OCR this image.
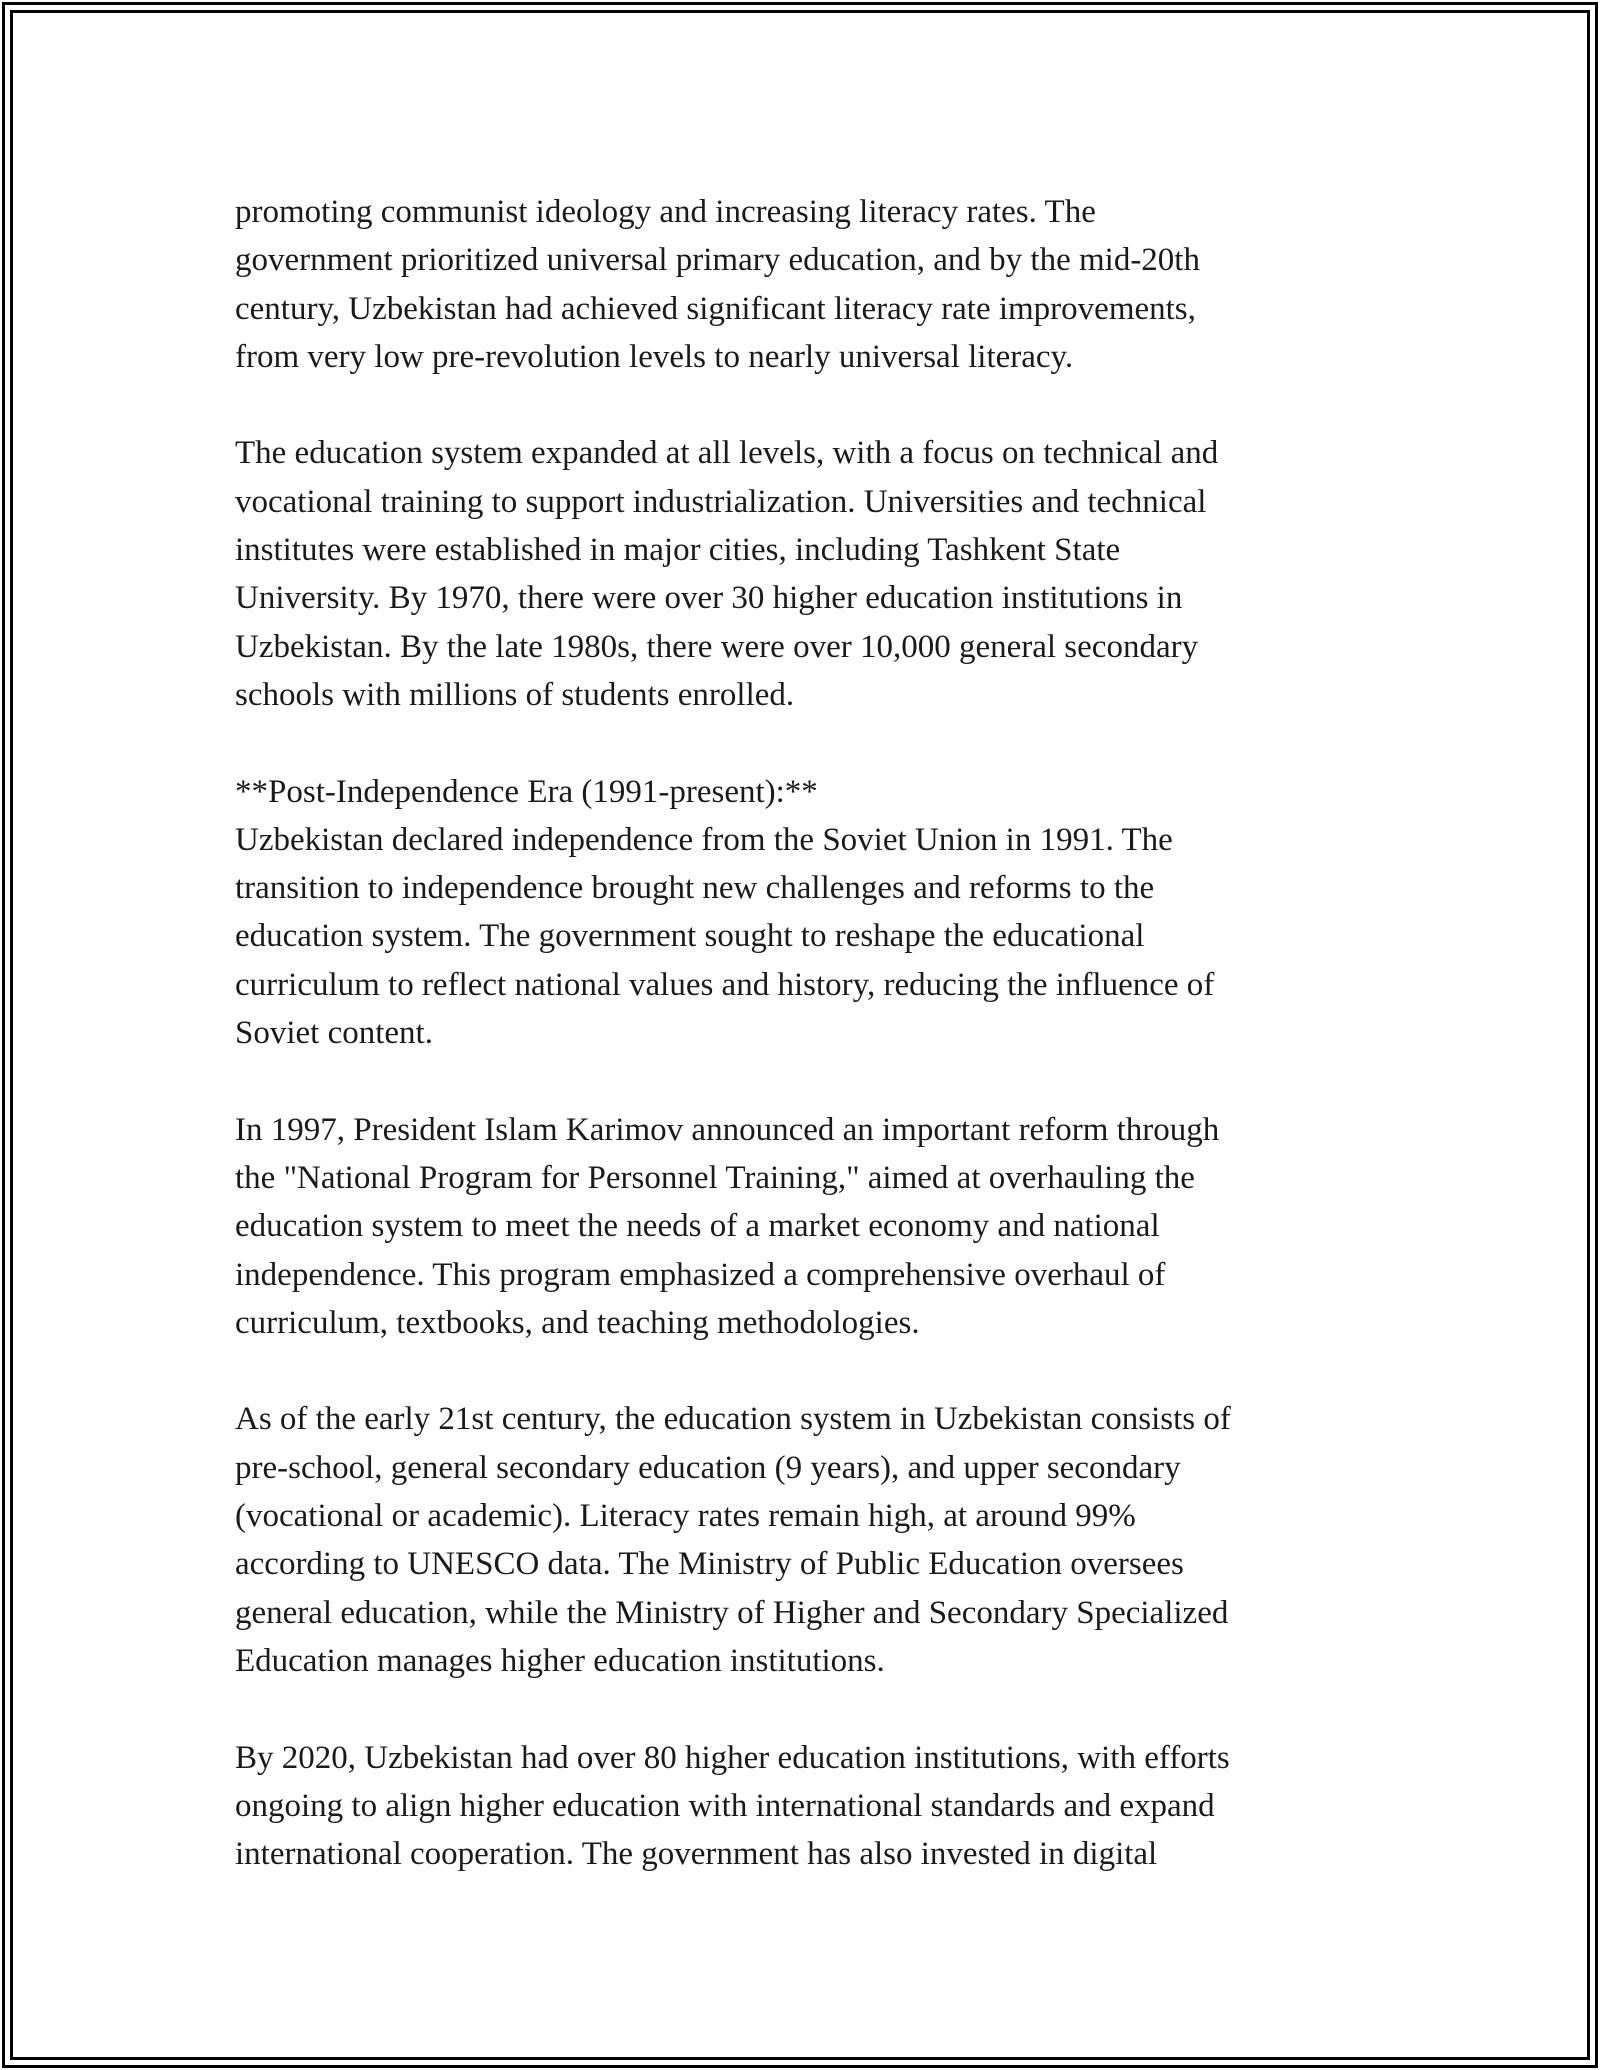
promoting communist ideology and increasing literacy rates. The
government prioritized universal primary education, and by the mid-20th
century, Uzbekistan had achieved significant literacy rate improvements,
from very low pre-revolution levels to nearly universal literacy.

The education system expanded at all levels, with a focus on technical and
vocational training to support industrialization. Universities and technical
institutes were established in major cities, including Tashkent State
University. By 1970, there were over 30 higher education institutions in
Uzbekistan. By the late 1980s, there were over 10,000 general secondary
schools with millions of students enrolled.

**Post-Independence Era (1991-present):**

Uzbekistan declared independence from the Soviet Union in 1991. The
transition to independence brought new challenges and reforms to the
education system. The government sought to reshape the educational
curriculum to reflect national values and history, reducing the influence of
Soviet content.

In 1997, President Islam Karimov announced an important reform through
the "National Program for Personnel Training," aimed at overhauling the
education system to meet the needs of a market economy and national
independence. This program emphasized a comprehensive overhaul of
curriculum, textbooks, and teaching methodologies.

As of the early 21st century, the education system in Uzbekistan consists of
pre-school, general secondary education (9 years), and upper secondary
(vocational or academic). Literacy rates remain high, at around 99%
according to UNESCO data. The Ministry of Public Education oversees
general education, while the Ministry of Higher and Secondary Specialized
Education manages higher education institutions.

By 2020, Uzbekistan had over 80 higher education institutions, with efforts
ongoing to align higher education with international standards and expand
international cooperation. The government has also invested in digital
